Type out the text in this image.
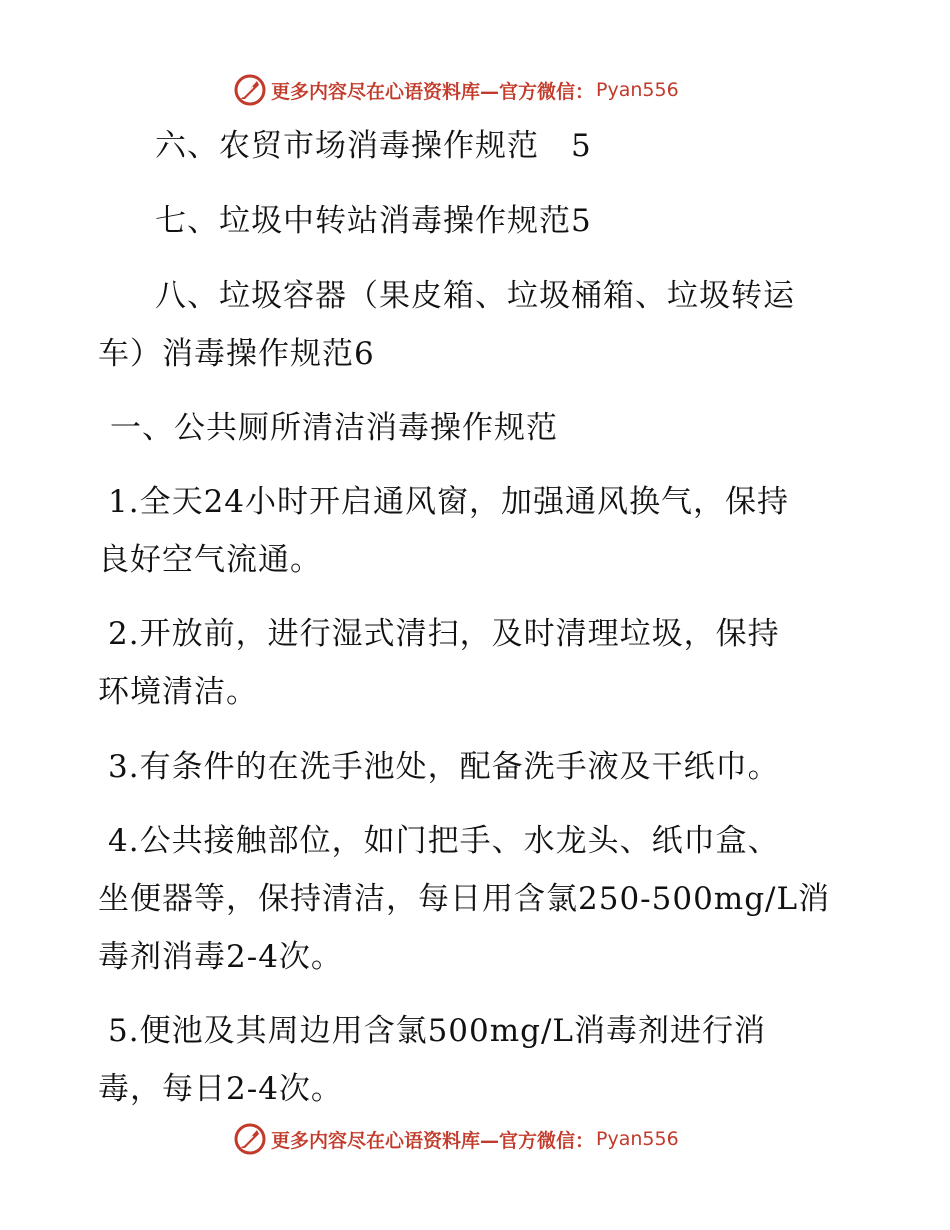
更多内容尽在心语资料库—官方微信： Pyan556
六、农贸市场消毒操作规范　5
七、垃圾中转站消毒操作规范5
八、垃圾容器（果皮箱、垃圾桶箱、垃圾转运
车）消毒操作规范6
一、公共厕所清洁消毒操作规范
1.全天24小时开启通风窗，加强通风换气，保持
良好空气流通。
2.开放前，进行湿式清扫，及时清理垃圾，保持
环境清洁。
3.有条件的在洗手池处，配备洗手液及干纸巾。
4.公共接触部位，如门把手、水龙头、纸巾盒、
坐便器等，保持清洁，每日用含氯250-500mg/L消
毒剂消毒2-4次。
5.便池及其周边用含氯500mg/L消毒剂进行消
毒，每日2-4次。
更多内容尽在心语资料库—官方微信： Pyan556
